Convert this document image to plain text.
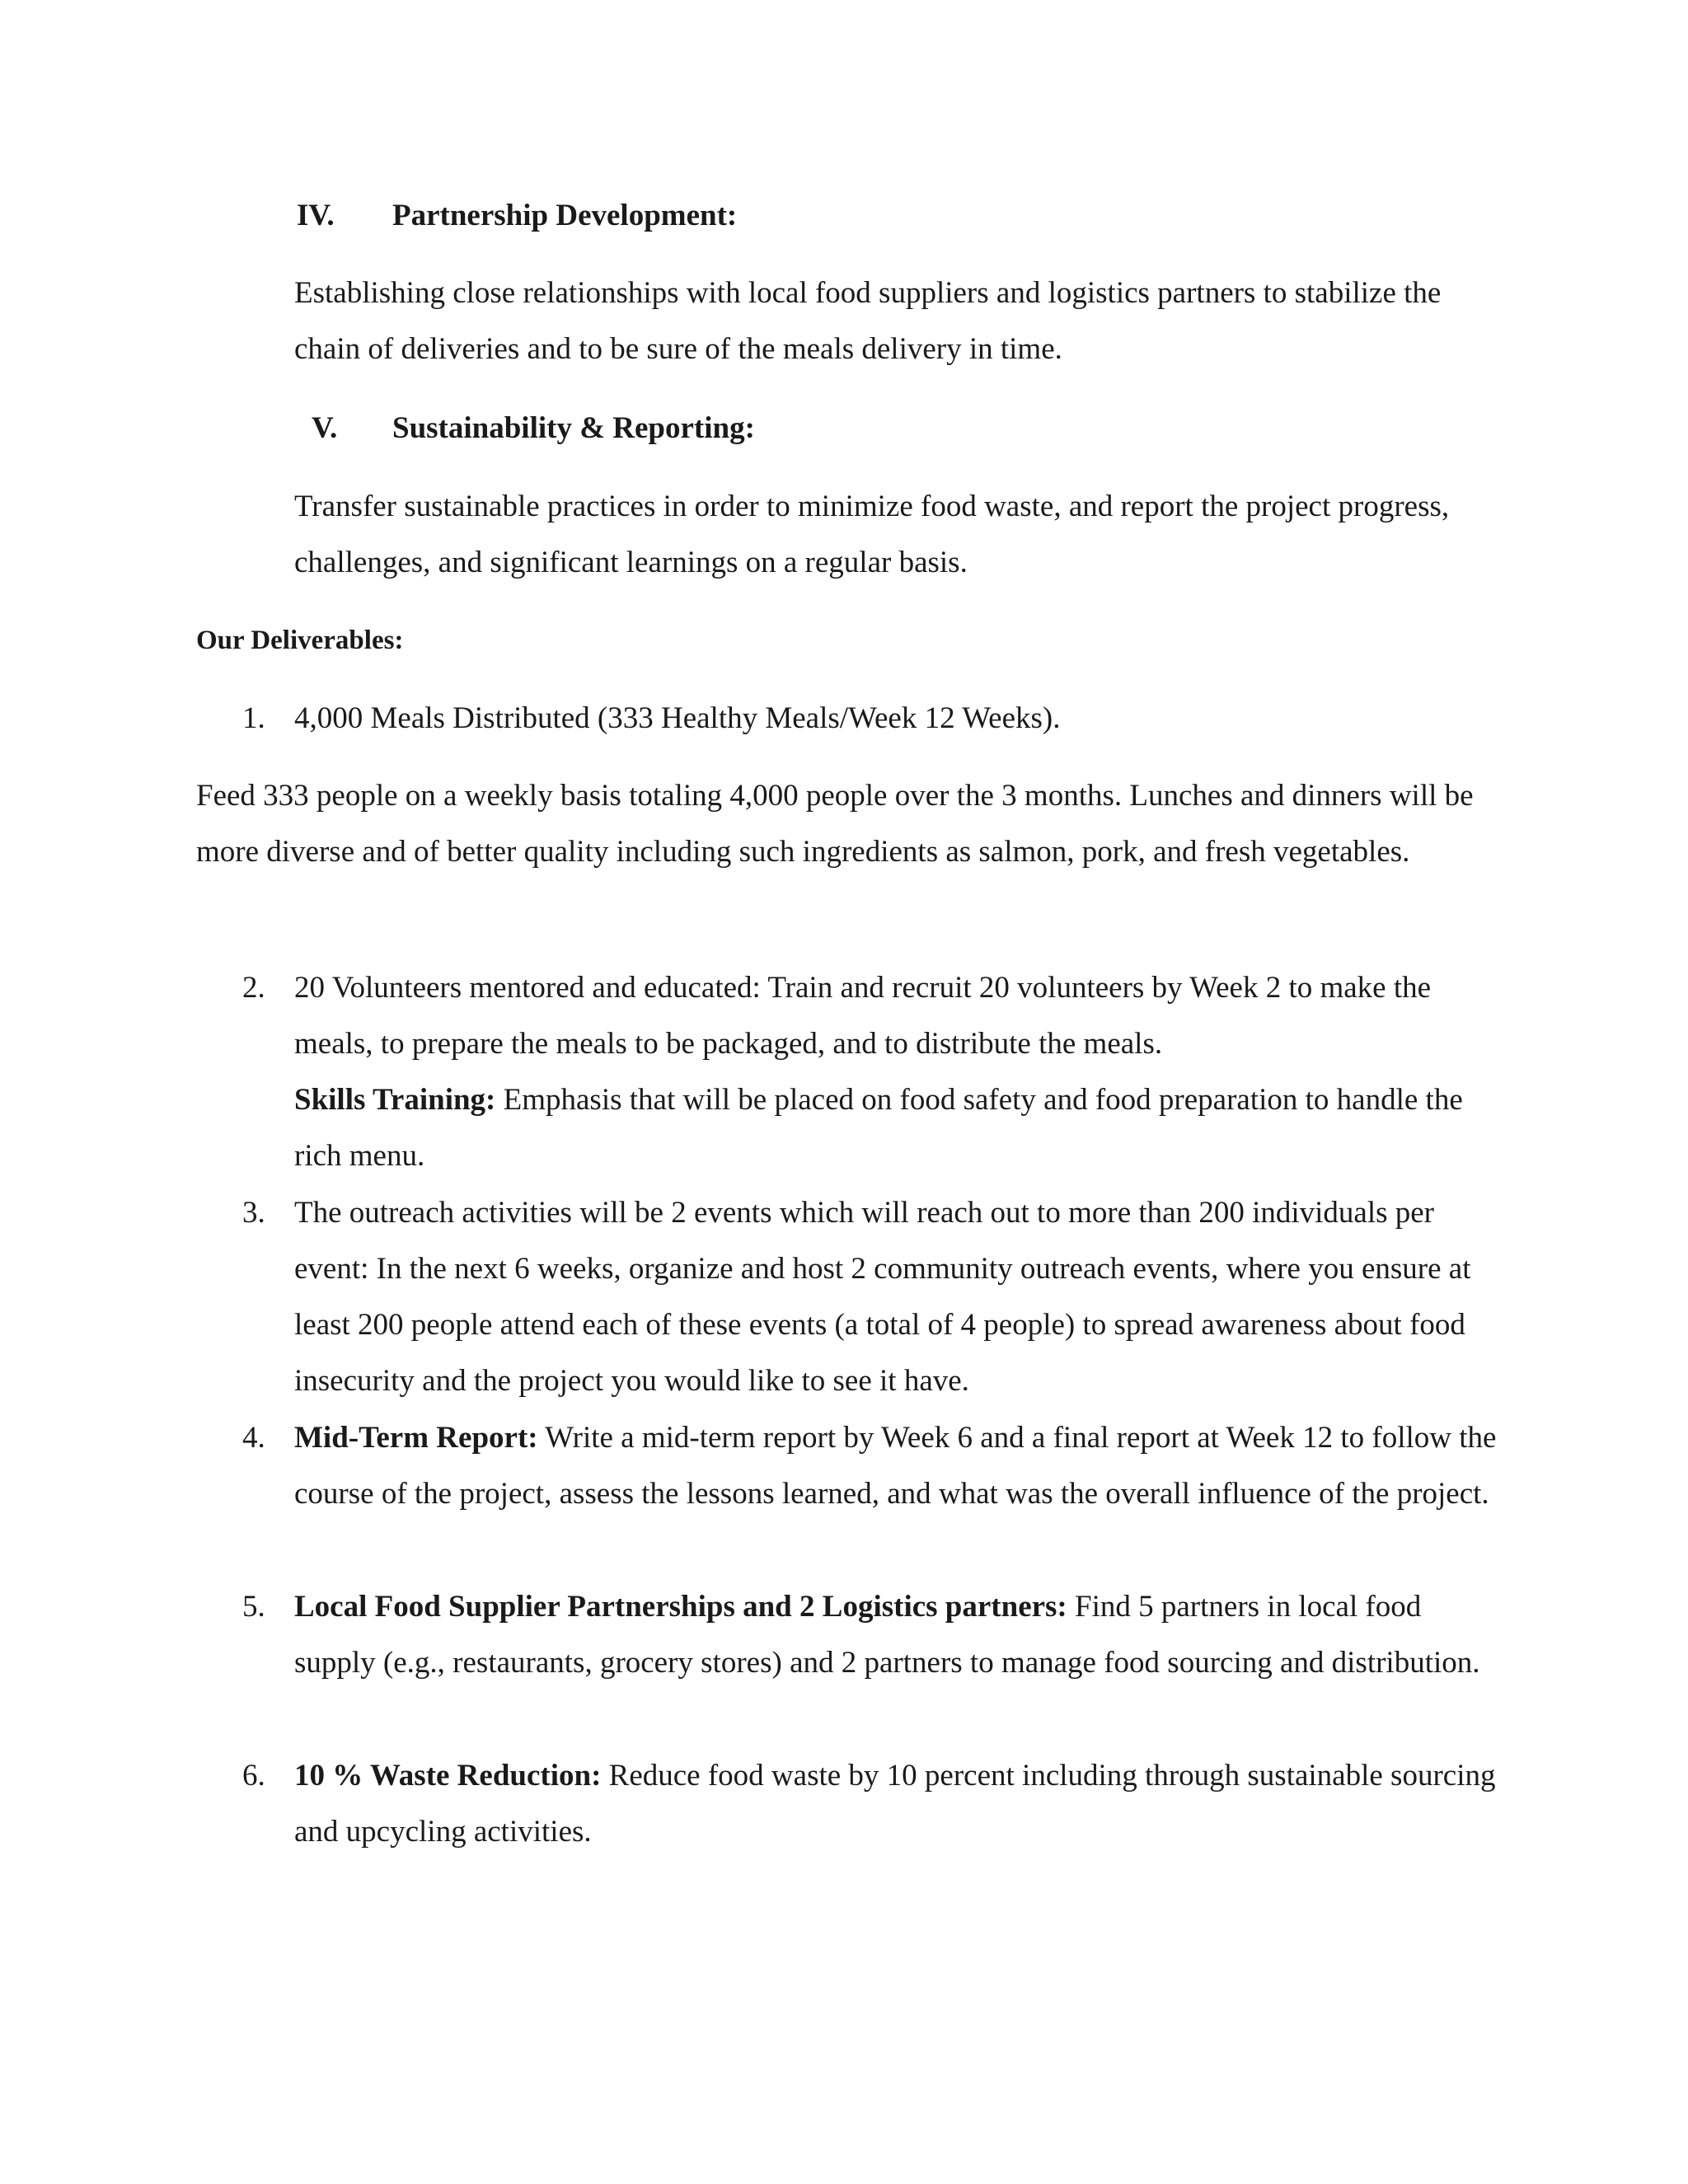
IV. Partnership Development:
Establishing close relationships with local food suppliers and logistics partners to stabilize the chain of deliveries and to be sure of the meals delivery in time.
V. Sustainability & Reporting:
Transfer sustainable practices in order to minimize food waste, and report the project progress, challenges, and significant learnings on a regular basis.
Our Deliverables:
1. 4,000 Meals Distributed (333 Healthy Meals/Week 12 Weeks).
Feed 333 people on a weekly basis totaling 4,000 people over the 3 months. Lunches and dinners will be more diverse and of better quality including such ingredients as salmon, pork, and fresh vegetables.
2. 20 Volunteers mentored and educated: Train and recruit 20 volunteers by Week 2 to make the meals, to prepare the meals to be packaged, and to distribute the meals.
Skills Training: Emphasis that will be placed on food safety and food preparation to handle the rich menu.
3. The outreach activities will be 2 events which will reach out to more than 200 individuals per event: In the next 6 weeks, organize and host 2 community outreach events, where you ensure at least 200 people attend each of these events (a total of 4 people) to spread awareness about food insecurity and the project you would like to see it have.
4. Mid-Term Report: Write a mid-term report by Week 6 and a final report at Week 12 to follow the course of the project, assess the lessons learned, and what was the overall influence of the project.
5. Local Food Supplier Partnerships and 2 Logistics partners: Find 5 partners in local food supply (e.g., restaurants, grocery stores) and 2 partners to manage food sourcing and distribution.
6. 10 % Waste Reduction: Reduce food waste by 10 percent including through sustainable sourcing and upcycling activities.
